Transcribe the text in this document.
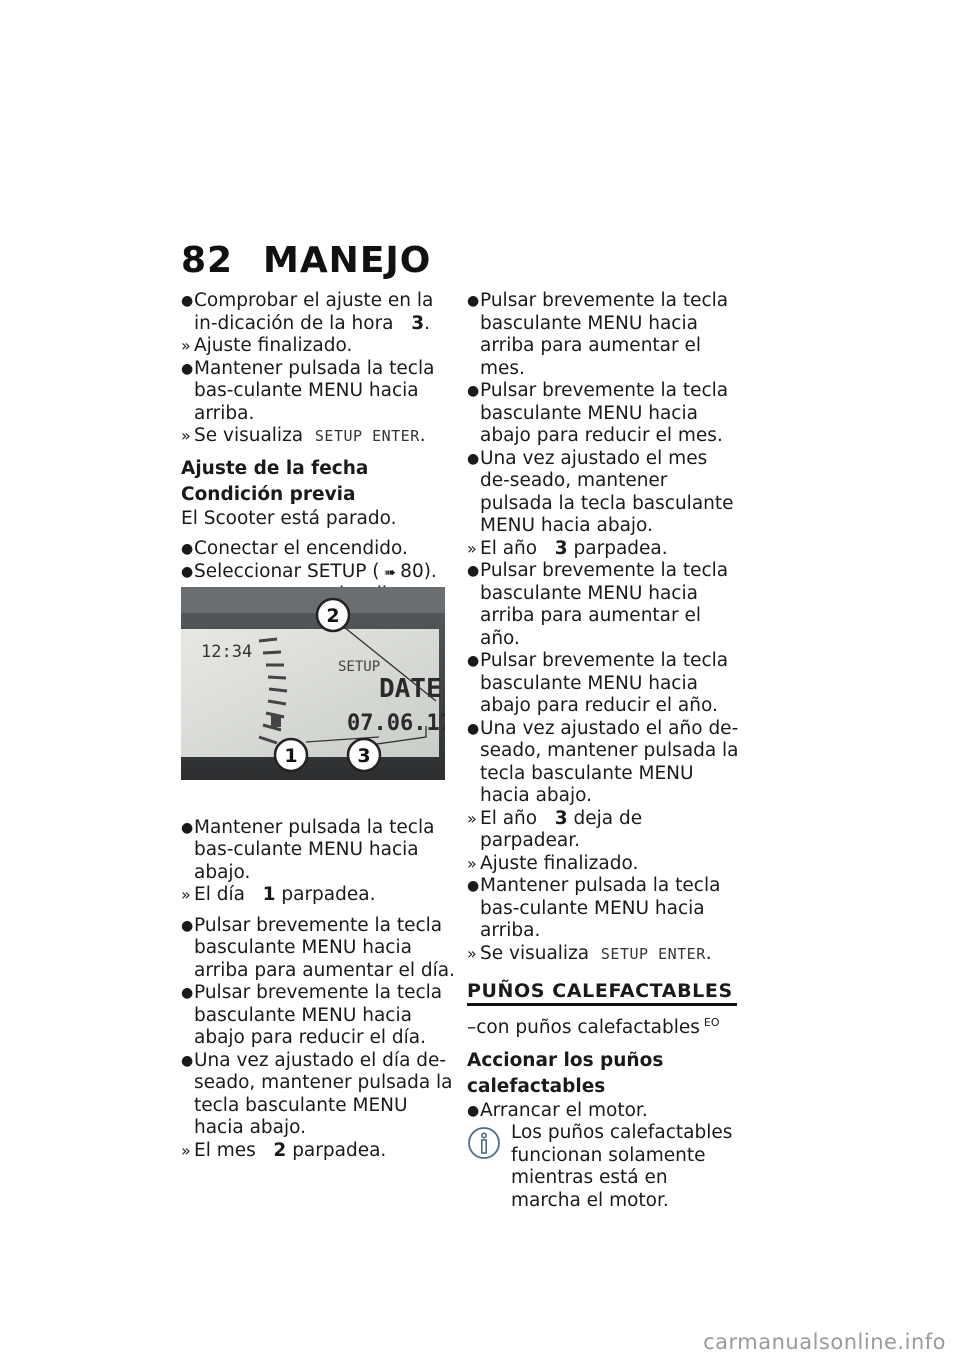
82 MANEJO

● Comprobar el ajuste en la in-dicación de la hora 3.

» Ajuste finalizado.

● Mantener pulsada la tecla bas-culante MENU hacia arriba.

» Se visualiza SETUP ENTER.

Ajuste de la fecha

Condición previa

El Scooter está parado.

● Conectar el encendido.

● Seleccionar SETUP ( ➠ 80).

● Mantener pulsada la tecla bas-culante MENU hacia abajo.

» El día 1 parpadea.

● Pulsar brevemente la tecla basculante MENU hacia arriba para aumentar el día.

● Pulsar brevemente la tecla basculante MENU hacia abajo para reducir el día.

● Una vez ajustado el día de-seado, mantener pulsada la tecla basculante MENU hacia abajo.

» El mes 2 parpadea.

12:34
SETUP
DATE
07.06.17
2
1	3

● Pulsar brevemente la tecla basculante MENU hacia arriba para aumentar el mes.

● Pulsar brevemente la tecla basculante MENU hacia abajo para reducir el mes.

● Una vez ajustado el mes de-seado, mantener pulsada la tecla basculante MENU hacia abajo.

» El año 3 parpadea.

● Pulsar brevemente la tecla basculante MENU hacia arriba para aumentar el año.

● Pulsar brevemente la tecla basculante MENU hacia abajo para reducir el año.

● Una vez ajustado el año de-seado, mantener pulsada la tecla basculante MENU hacia abajo.

» El año 3 deja de parpadear.

» Ajuste finalizado.

● Mantener pulsada la tecla bas-culante MENU hacia arriba.

» Se visualiza SETUP ENTER.

PUÑOS CALEFACTABLES

–con puños calefactables $^{EO}$

Accionar los puños calefactables

● Arrancar el motor.

Los puños calefactables funcionan solamente mientras está en marcha el motor.

carmanualsonline.info
